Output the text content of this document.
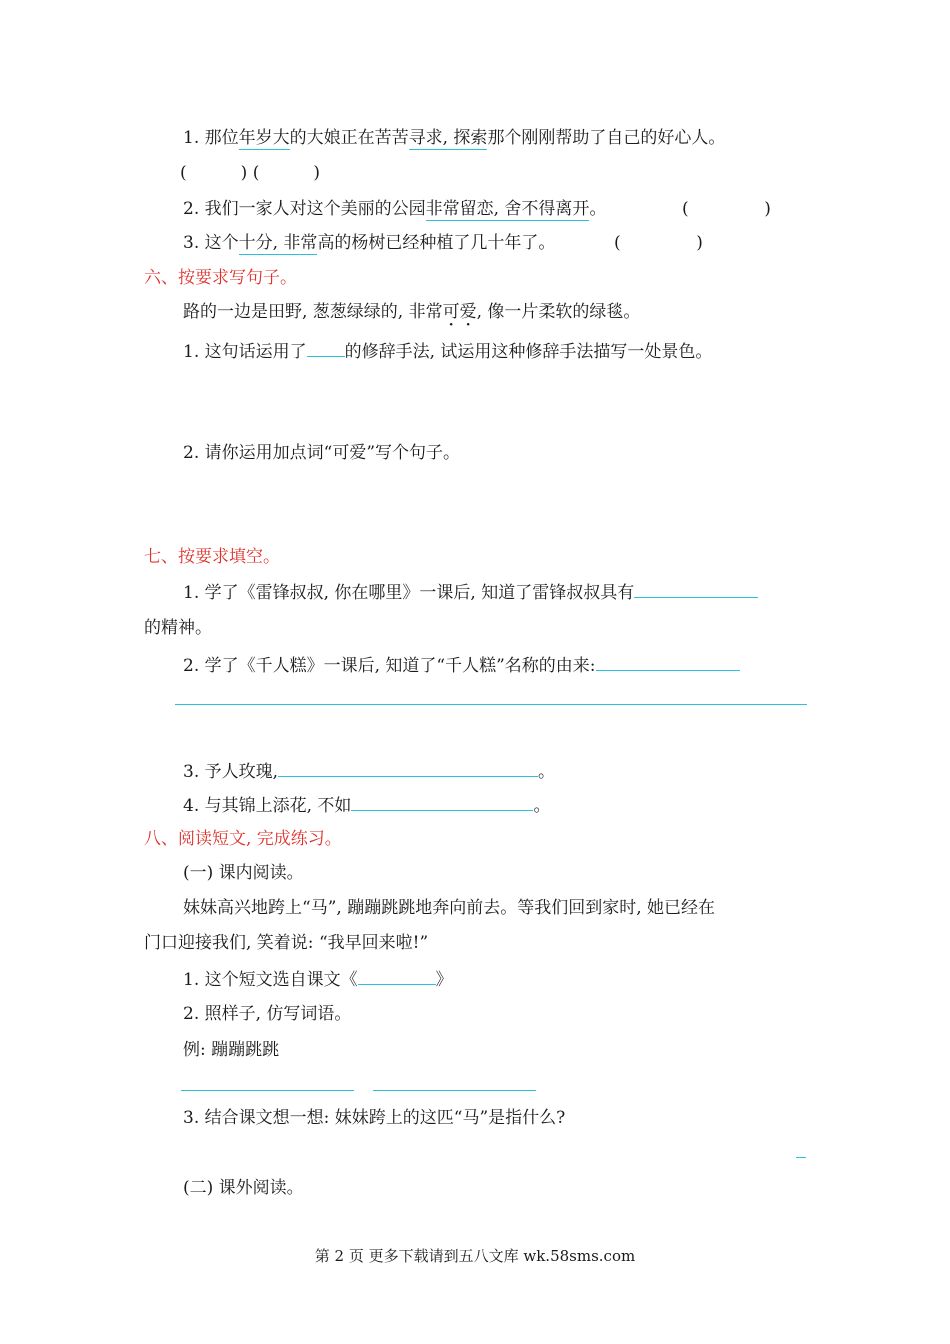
1. 那位年岁大的大娘正在苦苦寻求, 探索那个刚刚帮助了自己的好心人。
(          ) (          )
2. 我们一家人对这个美丽的公园非常留恋, 舍不得离开。	(              )
3. 这个十分, 非常高的杨树已经种植了几十年了。	(              )
六、按要求写句子。
路的一边是田野, 葱葱绿绿的, 非常可爱, 像一片柔软的绿毯。
1. 这句话运用了 的修辞手法, 试运用这种修辞手法描写一处景色。
2. 请你运用加点词“可爱”写个句子。
七、按要求填空。
1. 学了《雷锋叔叔, 你在哪里》一课后, 知道了雷锋叔叔具有
的精神。
2. 学了《千人糕》一课后, 知道了“千人糕”名称的由来:
3. 予人玫瑰,	。
4. 与其锦上添花, 不如	。
八、阅读短文, 完成练习。
(一) 课内阅读。
妹妹高兴地跨上“马”, 蹦蹦跳跳地奔向前去。等我们回到家时, 她已经在
门口迎接我们, 笑着说: “我早回来啦!”
1. 这个短文选自课文《	》
2. 照样子, 仿写词语。
例: 蹦蹦跳跳
3. 结合课文想一想: 妹妹跨上的这匹“马”是指什么?
(二) 课外阅读。
第 2 页 更多下载请到五八文库 wk.58sms.com
